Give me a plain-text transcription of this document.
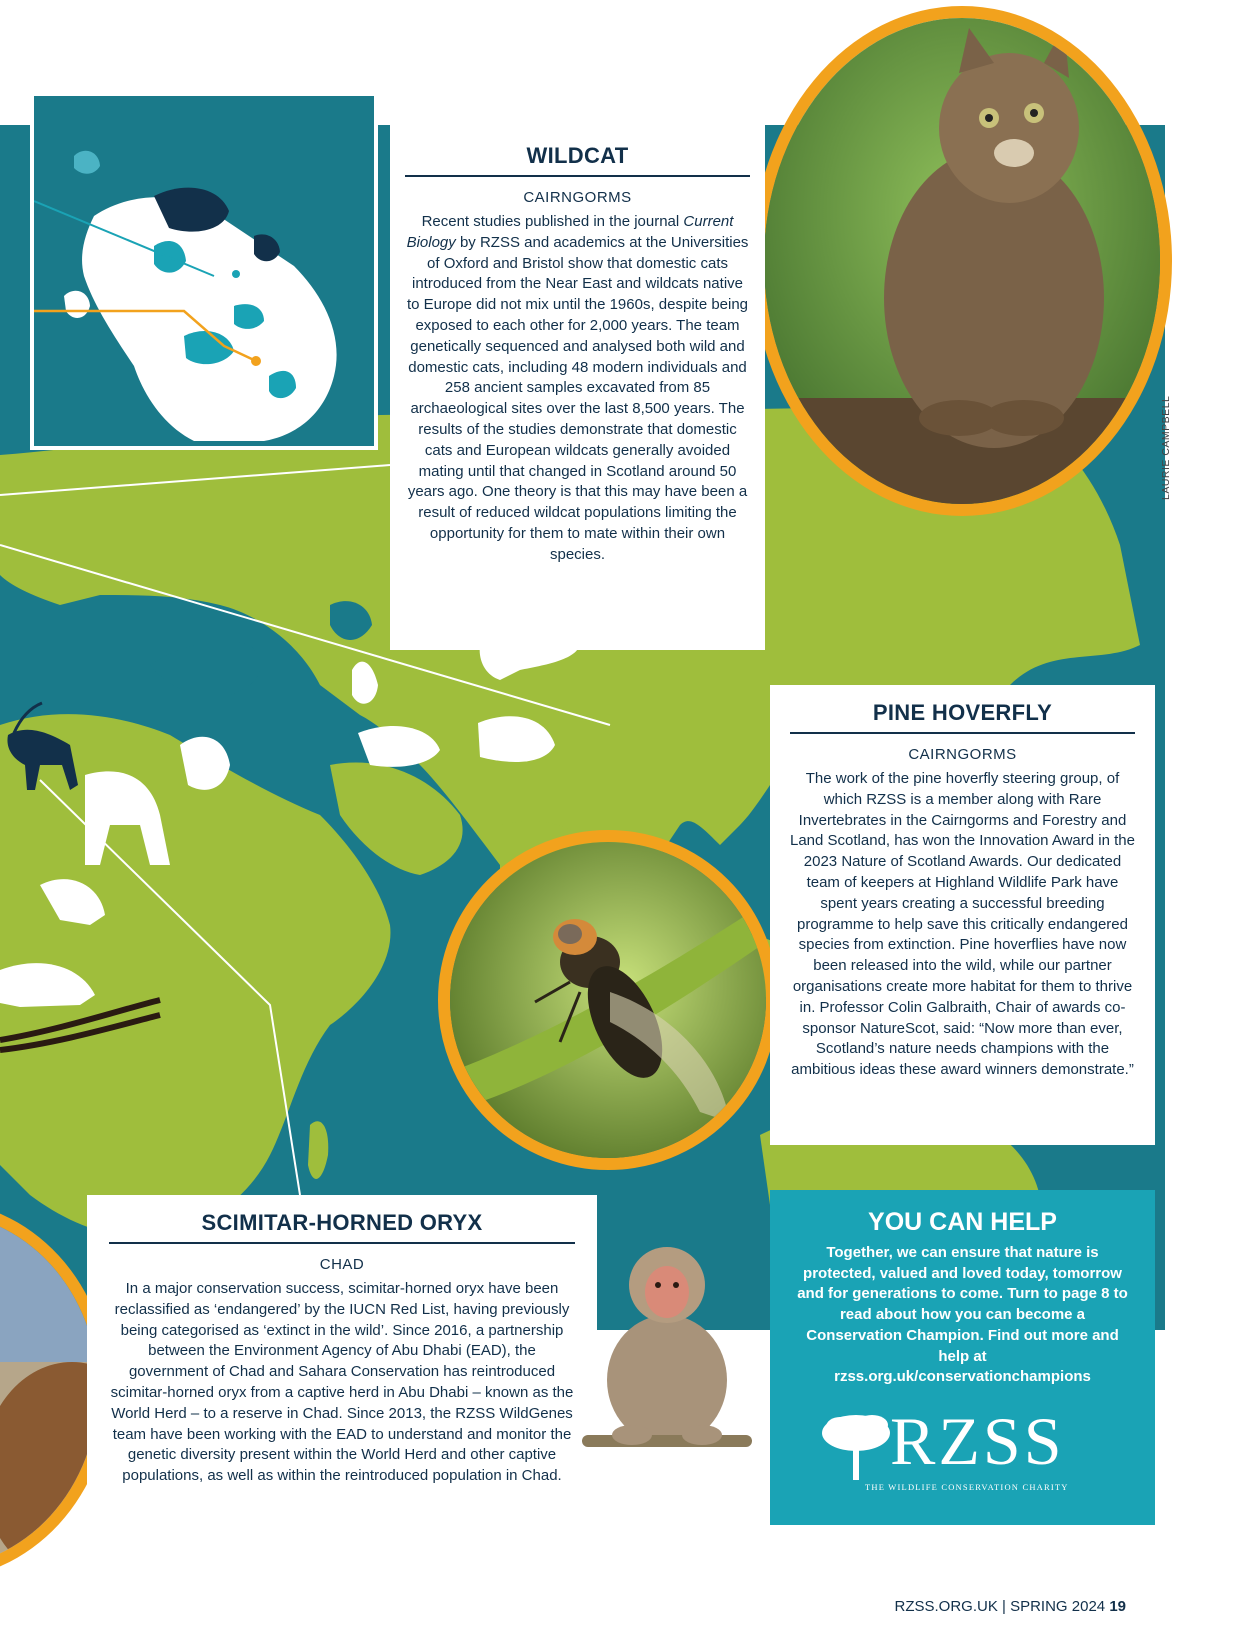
LAURIE CAMPBELL
WILDCAT
CAIRNGORMS
Recent studies published in the journal Current Biology by RZSS and academics at the Universities of Oxford and Bristol show that domestic cats introduced from the Near East and wildcats native to Europe did not mix until the 1960s, despite being exposed to each other for 2,000 years. The team genetically sequenced and analysed both wild and domestic cats, including 48 modern individuals and 258 ancient samples excavated from 85 archaeological sites over the last 8,500 years. The results of the studies demonstrate that domestic cats and European wildcats generally avoided mating until that changed in Scotland around 50 years ago. One theory is that this may have been a result of reduced wildcat populations limiting the opportunity for them to mate within their own species.
PINE HOVERFLY
CAIRNGORMS
The work of the pine hoverfly steering group, of which RZSS is a member along with Rare Invertebrates in the Cairngorms and Forestry and Land Scotland, has won the Innovation Award in the 2023 Nature of Scotland Awards. Our dedicated team of keepers at Highland Wildlife Park have spent years creating a successful breeding programme to help save this critically endangered species from extinction. Pine hoverflies have now been released into the wild, while our partner organisations create more habitat for them to thrive in. Professor Colin Galbraith, Chair of awards co-sponsor NatureScot, said: “Now more than ever, Scotland’s nature needs champions with the ambitious ideas these award winners demonstrate.”
SCIMITAR-HORNED ORYX
CHAD
In a major conservation success, scimitar-horned oryx have been reclassified as ‘endangered’ by the IUCN Red List, having previously being categorised as ‘extinct in the wild’. Since 2016, a partnership between the Environment Agency of Abu Dhabi (EAD), the government of Chad and Sahara Conservation has reintroduced scimitar-horned oryx from a captive herd in Abu Dhabi – known as the World Herd – to a reserve in Chad. Since 2013, the RZSS WildGenes team have been working with the EAD to understand and monitor the genetic diversity present within the World Herd and other captive populations, as well as within the reintroduced population in Chad.
YOU CAN HELP
Together, we can ensure that nature is protected, valued and loved today, tomorrow and for generations to come. Turn to page 8 to read about how you can become a Conservation Champion. Find out more and help at
rzss.org.uk/conservationchampions
RZSS
THE WILDLIFE CONSERVATION CHARITY
RZSS.ORG.UK | SPRING 2024 19
